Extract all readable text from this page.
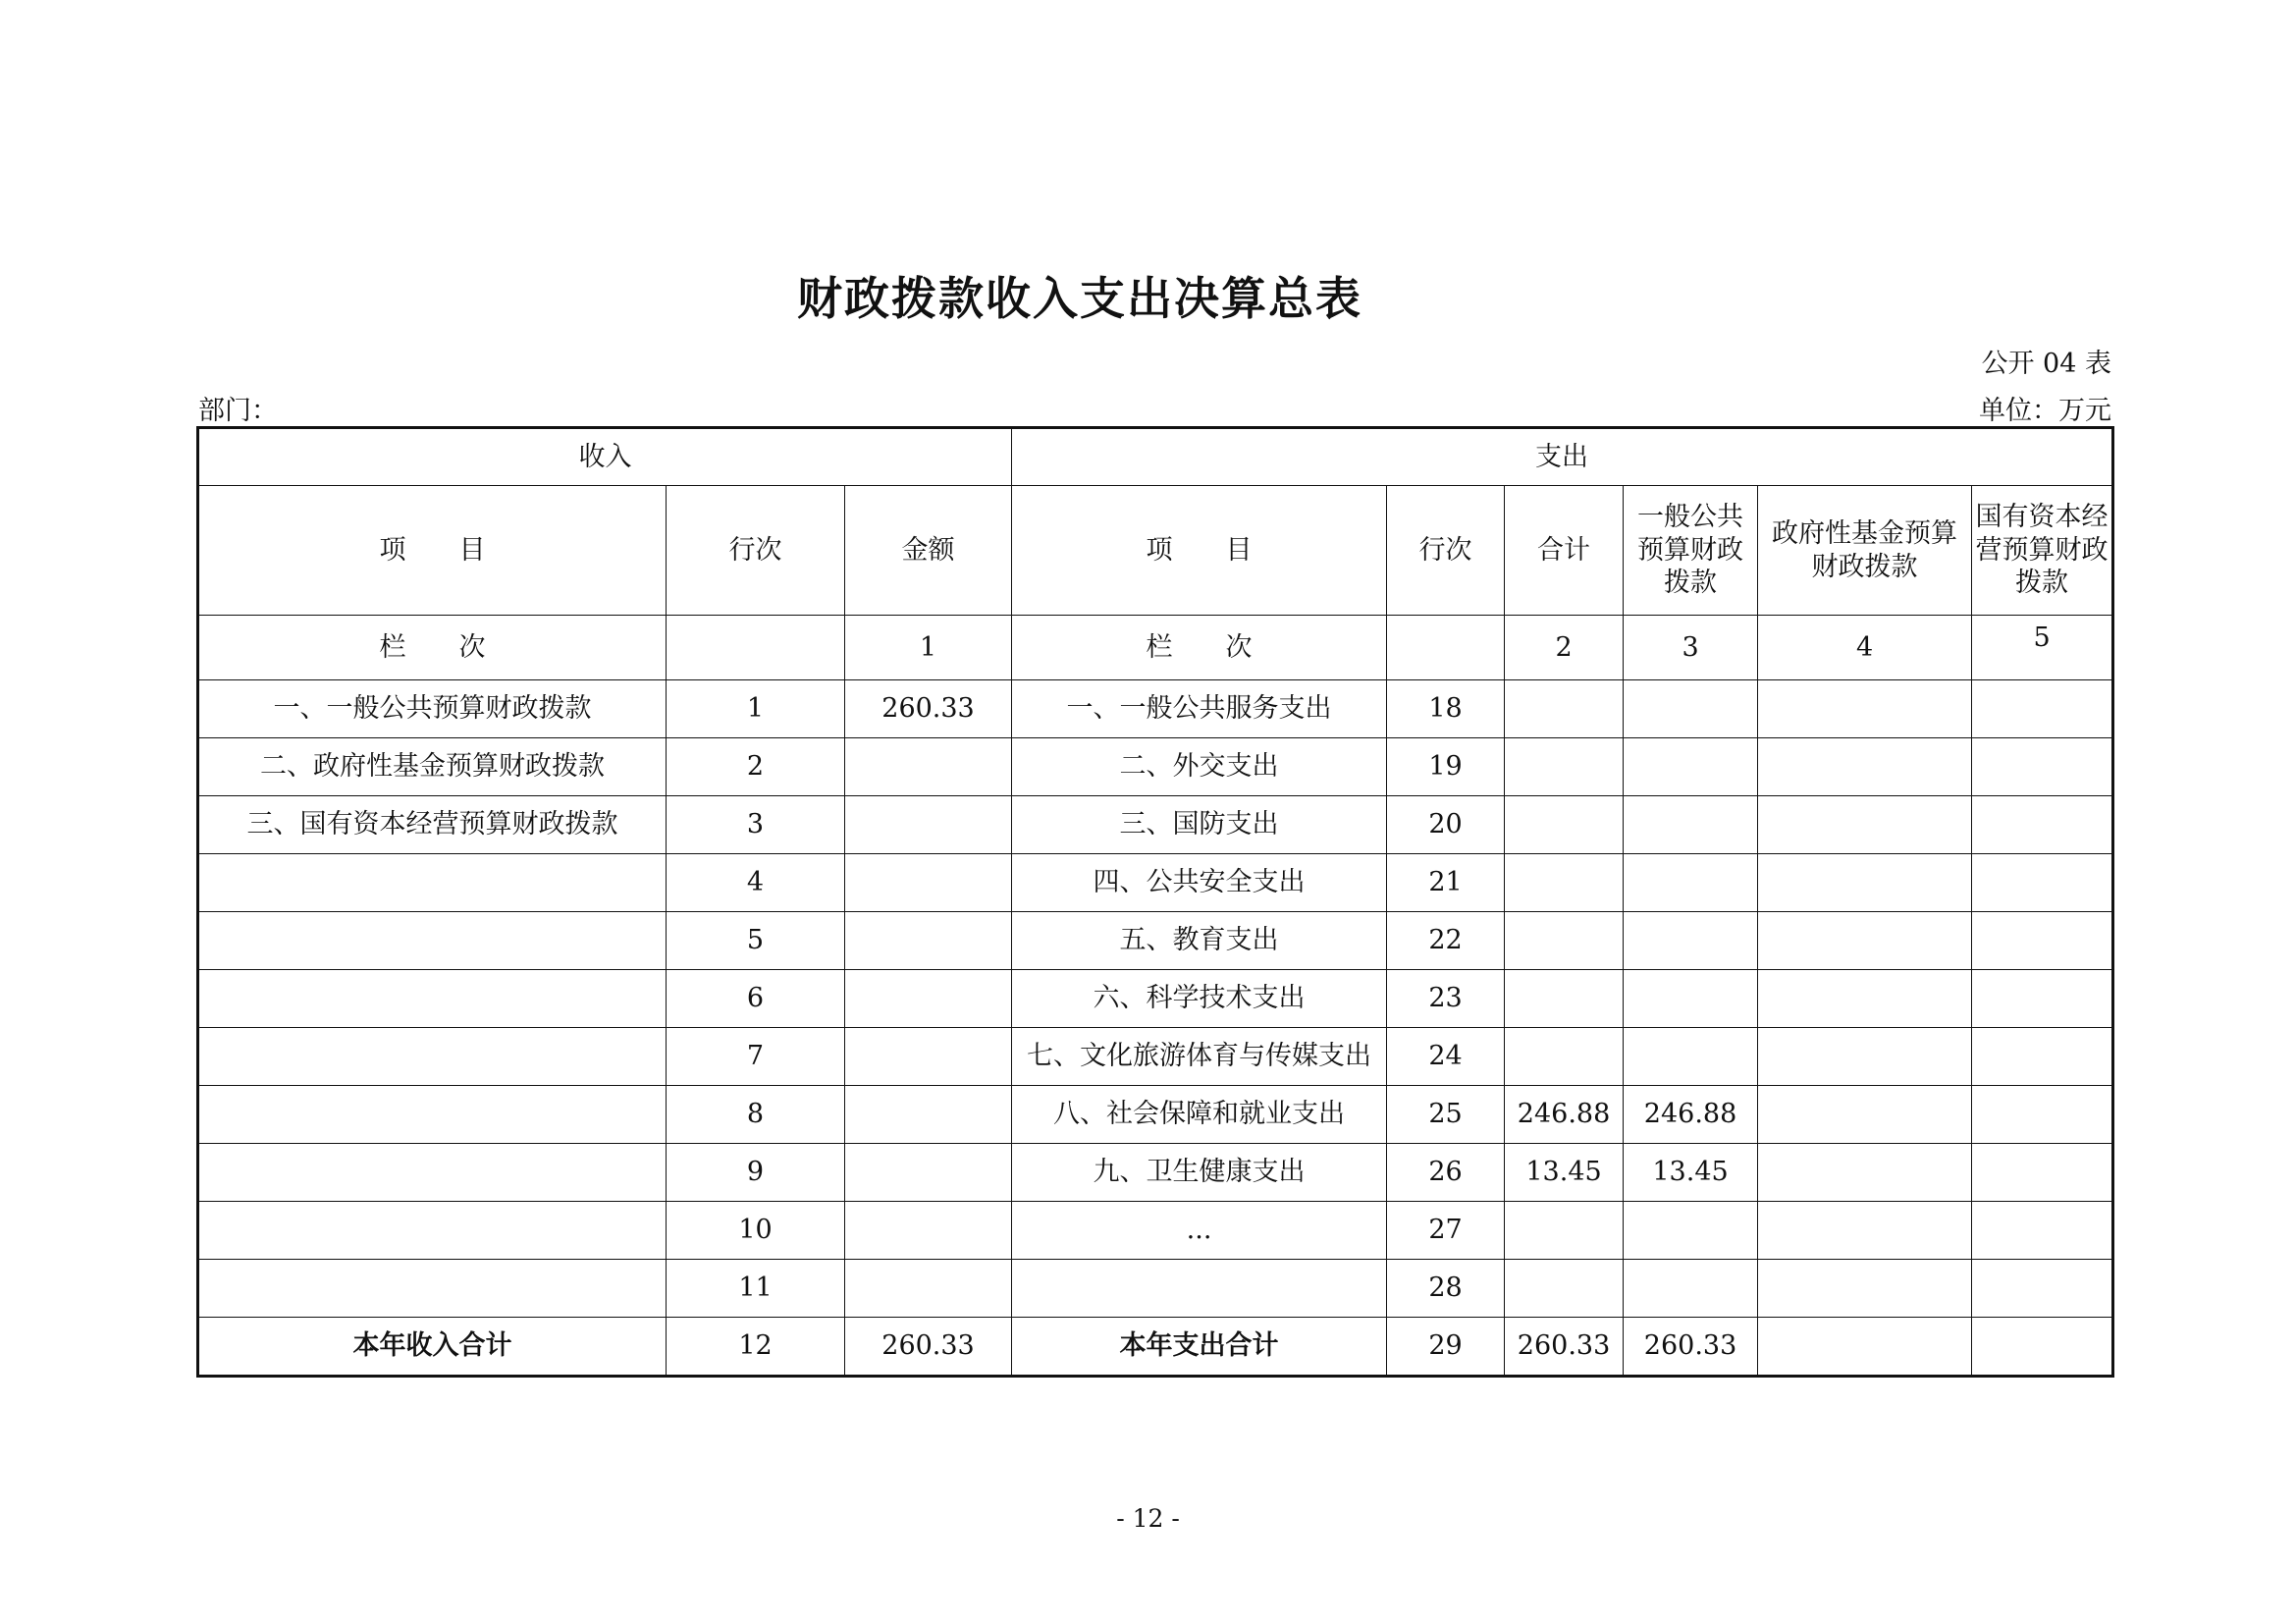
财政拨款收入支出决算总表
公开 04 表
部门：	单位：万元
收入			支出					
项　　目	行次	金额	项　　目	行次	合计	一般公共预算财政拨款	政府性基金预算财政拨款	国有资本经营预算财政拨款
栏　　次		1	栏　　次		2	3	4	5
一、一般公共预算财政拨款	1	260.33	一、一般公共服务支出	18				
二、政府性基金预算财政拨款	2		二、外交支出	19				
三、国有资本经营预算财政拨款	3		三、国防支出	20				
	4		四、公共安全支出	21				
	5		五、教育支出	22				
	6		六、科学技术支出	23				
	7		七、文化旅游体育与传媒支出	24				
	8		八、社会保障和就业支出	25	246.88	246.88		
	9		九、卫生健康支出	26	13.45	13.45		
	10		...	27				
	11			28				
本年收入合计	12	260.33	本年支出合计	29	260.33	260.33		
- 12 -
